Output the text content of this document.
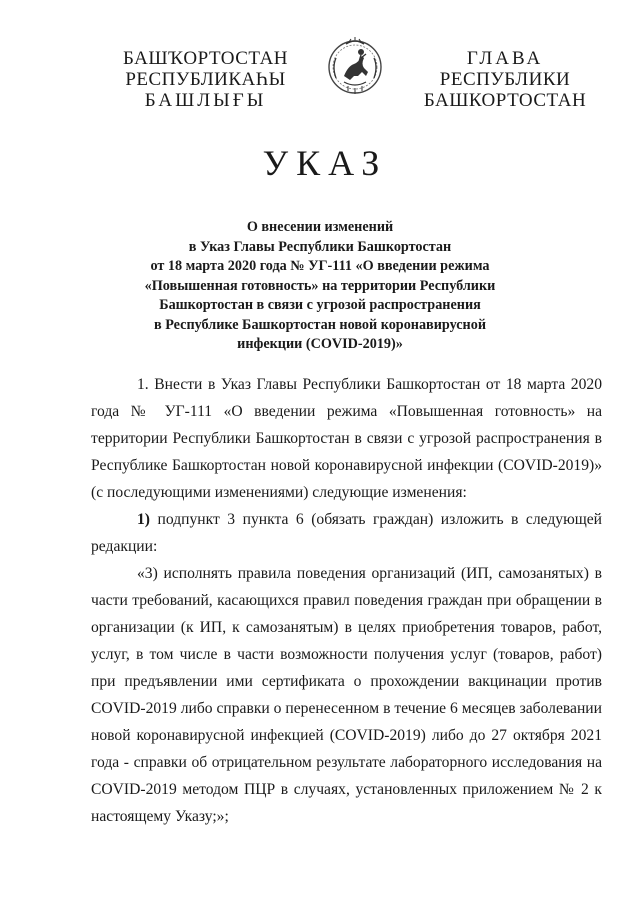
БАШҠОРТОСТАН
РЕСПУБЛИКАҺЫ
БАШЛЫҒЫ
ГЛАВА
РЕСПУБЛИКИ
БАШКОРТОСТАН
УКАЗ
О внесении изменений
в Указ Главы Республики Башкортостан
от 18 марта 2020 года № УГ-111 «О введении режима
«Повышенная готовность» на территории Республики
Башкортостан в связи с угрозой распространения
в Республике Башкортостан новой коронавирусной
инфекции (COVID-2019)»

1. Внести в Указ Главы Республики Башкортостан от 18 марта 2020 года № УГ-111 «О введении режима «Повышенная готовность» на территории Республики Башкортостан в связи с угрозой распространения в Республике Башкортостан новой коронавирусной инфекции (COVID-2019)» (с последующими изменениями) следующие изменения:

1) подпункт 3 пункта 6 (обязать граждан) изложить в следующей редакции:

«3) исполнять правила поведения организаций (ИП, самозанятых) в части требований, касающихся правил поведения граждан при обращении в организации (к ИП, к самозанятым) в целях приобретения товаров, работ, услуг, в том числе в части возможности получения услуг (товаров, работ) при предъявлении ими сертификата о прохождении вакцинации против COVID-2019 либо справки о перенесенном в течение 6 месяцев заболевании новой коронавирусной инфекцией (COVID-2019) либо до 27 октября 2021 года - справки об отрицательном результате лабораторного исследования на COVID-2019 методом ПЦР в случаях, установленных приложением № 2 к настоящему Указу;»;
